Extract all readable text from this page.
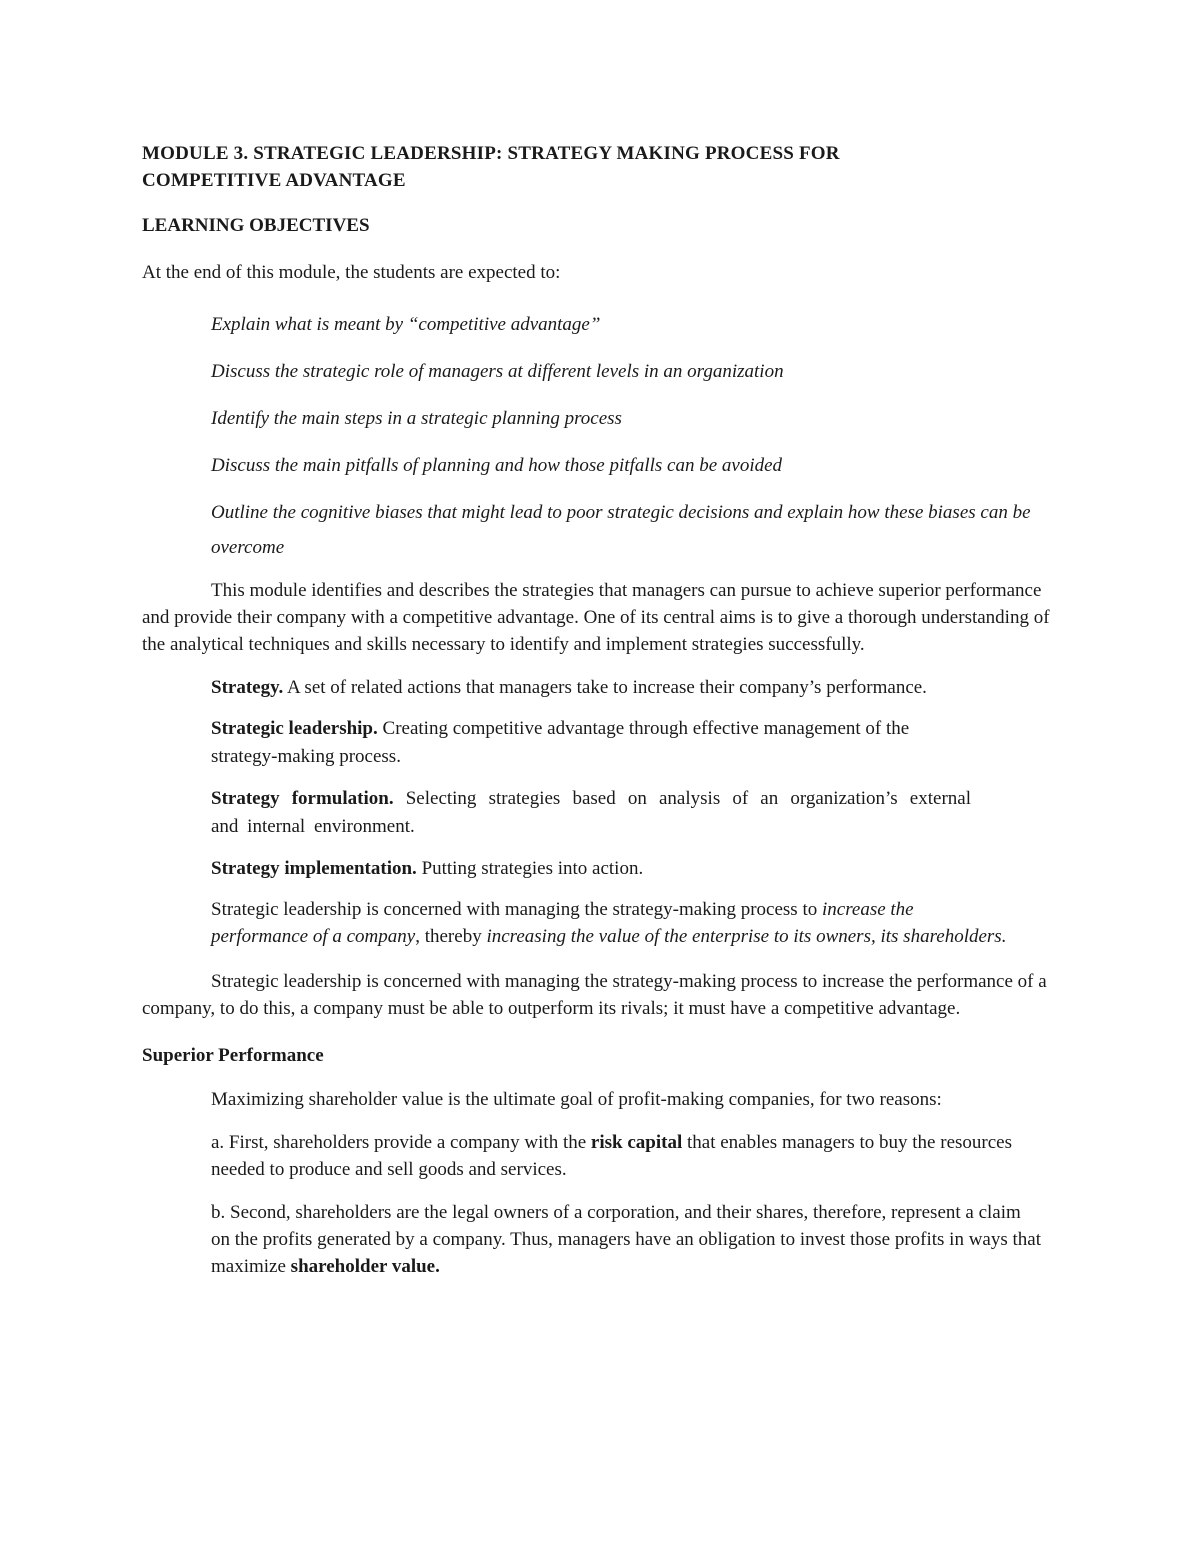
MODULE 3. STRATEGIC LEADERSHIP: STRATEGY MAKING PROCESS FOR COMPETITIVE ADVANTAGE

LEARNING OBJECTIVES

At the end of this module, the students are expected to:

Explain what is meant by “competitive advantage”
Discuss the strategic role of managers at different levels in an organization
Identify the main steps in a strategic planning process
Discuss the main pitfalls of planning and how those pitfalls can be avoided
Outline the cognitive biases that might lead to poor strategic decisions and explain how these biases can be overcome

This module identifies and describes the strategies that managers can pursue to achieve superior performance and provide their company with a competitive advantage. One of its central aims is to give a thorough understanding of the analytical techniques and skills necessary to identify and implement strategies successfully.

Strategy. A set of related actions that managers take to increase their company’s performance.

Strategic leadership. Creating competitive advantage through effective management of the strategy-making process.

Strategy formulation. Selecting strategies based on analysis of an organization’s external and internal environment.

Strategy implementation. Putting strategies into action.

Strategic leadership is concerned with managing the strategy-making process to increase the performance of a company, thereby increasing the value of the enterprise to its owners, its shareholders.

Strategic leadership is concerned with managing the strategy-making process to increase the performance of a company, to do this, a company must be able to outperform its rivals; it must have a competitive advantage.

Superior Performance

Maximizing shareholder value is the ultimate goal of profit-making companies, for two reasons:

a. First, shareholders provide a company with the risk capital that enables managers to buy the resources needed to produce and sell goods and services.

b. Second, shareholders are the legal owners of a corporation, and their shares, therefore, represent a claim on the profits generated by a company. Thus, managers have an obligation to invest those profits in ways that maximize shareholder value.
